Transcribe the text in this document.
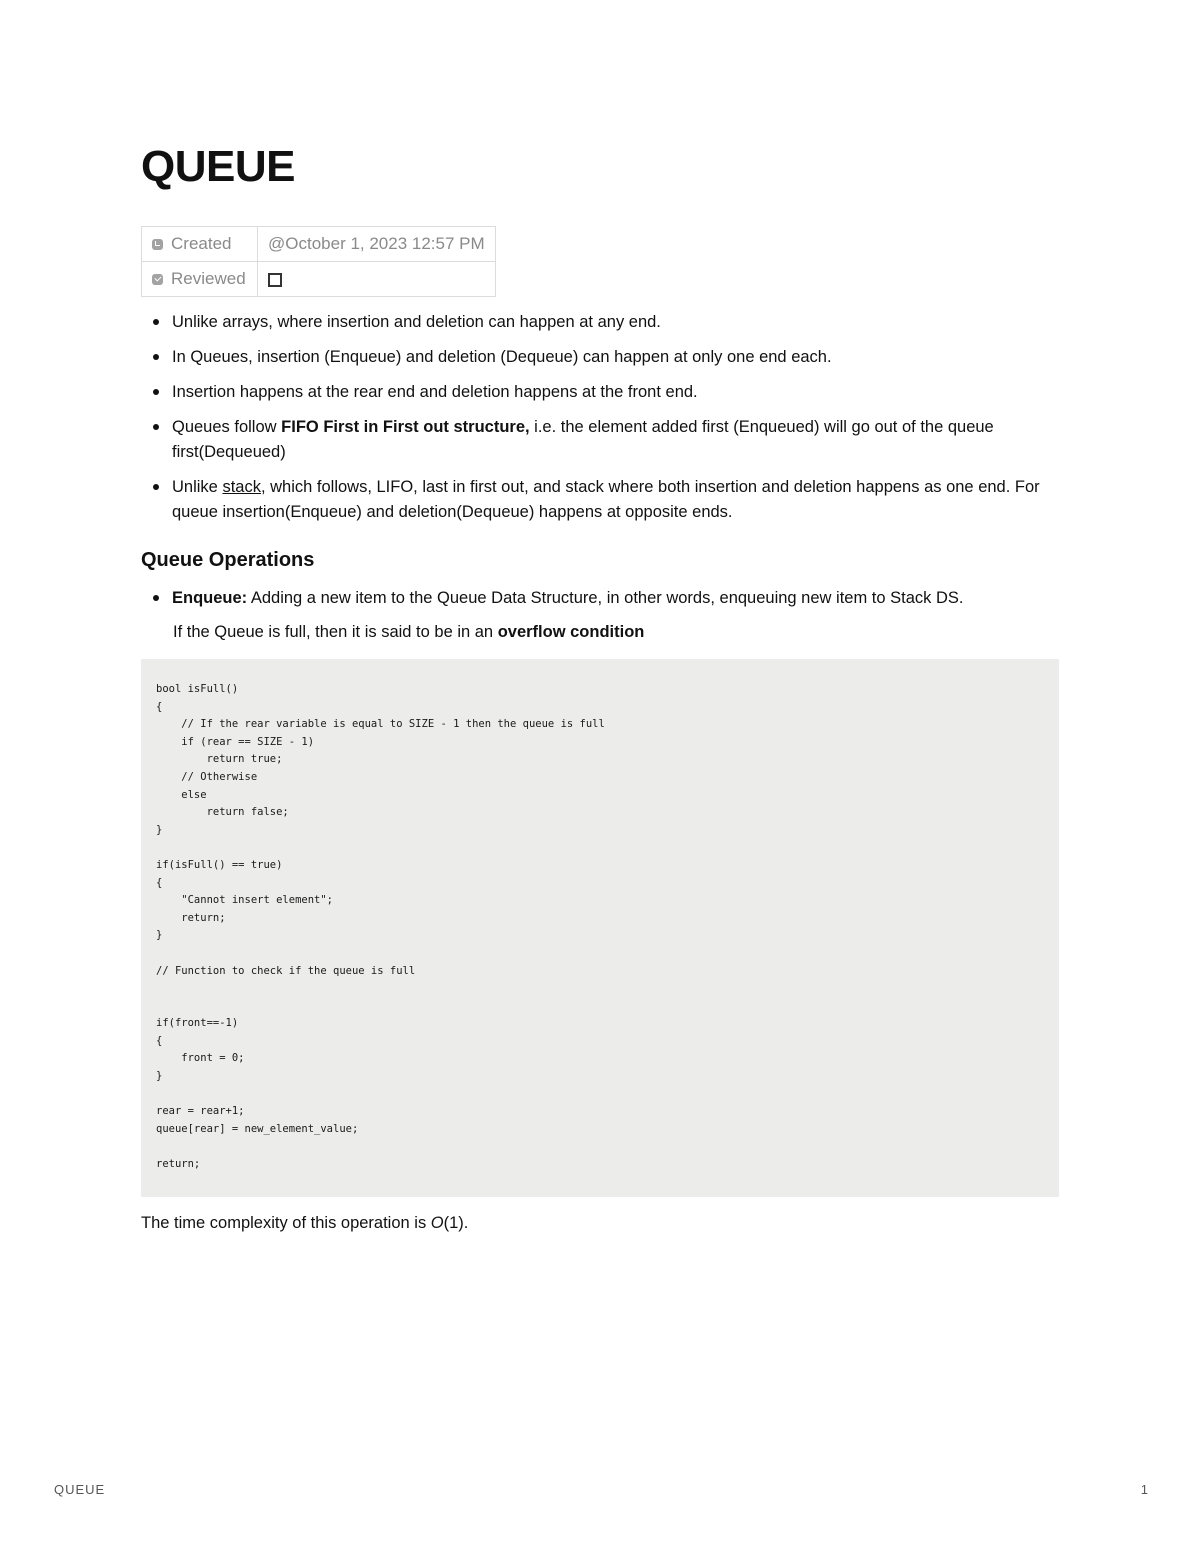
QUEUE
Created	@October 1, 2023 12:57 PM
Reviewed	
Unlike arrays, where insertion and deletion can happen at any end.
In Queues, insertion (Enqueue) and deletion (Dequeue) can happen at only one end each.
Insertion happens at the rear end and deletion happens at the front end.
Queues follow FIFO First in First out structure, i.e. the element added first (Enqueued) will go out of the queue first(Dequeued)
Unlike stack, which follows, LIFO, last in first out, and stack where both insertion and deletion happens as one end. For queue insertion(Enqueue) and deletion(Dequeue) happens at opposite ends.
Queue Operations
Enqueue: Adding a new item to the Queue Data Structure, in other words, enqueuing new item to Stack DS.

If the Queue is full, then it is said to be in an overflow condition

bool isFull()
{
// If the rear variable is equal to SIZE - 1 then the queue is full
if (rear == SIZE - 1)
return true;
// Otherwise
else
return false;
}

if(isFull() == true)
{
"Cannot insert element";
return;
}

// Function to check if the queue is full

if(front==-1)
{
front = 0;
}

rear = rear+1;
queue[rear] = new_element_value;

return;

The time complexity of this operation is O(1).

QUEUE	1
